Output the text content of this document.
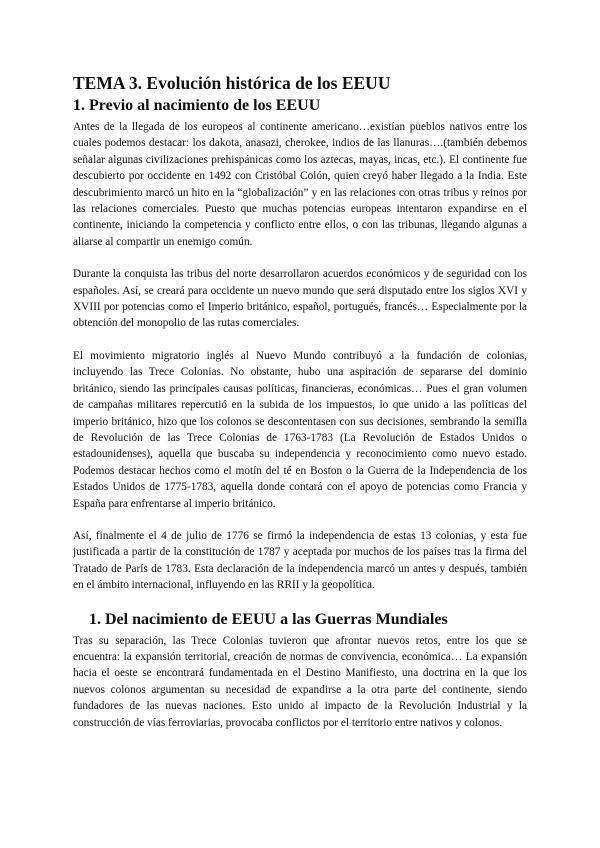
TEMA 3. Evolución histórica de los EEUU
1. Previo al nacimiento de los EEUU

Antes de la llegada de los europeos al continente americano…existían pueblos nativos entre los cuales podemos destacar: los dakota, anasazi, cherokee, indios de las llanuras….(también debemos señalar algunas civilizaciones prehispánicas como los aztecas, mayas, incas, etc.). El continente fue descubierto por occidente en 1492 con Cristóbal Colón, quien creyó haber llegado a la India. Este descubrimiento marcó un hito en la “globalización” y en las relaciones con otras tribus y reinos por las relaciones comerciales. Puesto que muchas potencias europeas intentaron expandirse en el continente, iniciando la competencia y conflicto entre ellos, o con las tribunas, llegando algunas a aliarse al compartir un enemigo común.

Durante la conquista las tribus del norte desarrollaron acuerdos económicos y de seguridad con los españoles. Así, se creará para occidente un nuevo mundo que será disputado entre los siglos XVI y XVIII por potencias como el Imperio británico, español, portugués, francés… Especialmente por la obtención del monopolio de las rutas comerciales.

El movimiento migratorio inglés al Nuevo Mundo contribuyó a la fundación de colonias, incluyendo las Trece Colonias. No obstante, hubo una aspiración de separarse del dominio británico, siendo las principales causas políticas, financieras, económicas… Pues el gran volumen de campañas militares repercutió en la subida de los impuestos, lo que unido a las políticas del imperio británico, hizo que los colonos se descontentasen con sus decisiones, sembrando la semilla de Revolución de las Trece Colonias de 1763-1783 (La Revolución de Estados Unidos o estadounidenses), aquella que buscaba su independencia y reconocimiento como nuevo estado. Podemos destacar hechos como el motín del té en Boston o la Guerra de la Independencia de los Estados Unidos de 1775-1783, aquella donde contará con el apoyo de potencias como Francia y España para enfrentarse al imperio británico.

Así, finalmente el 4 de julio de 1776 se firmó la independencia de estas 13 colonias, y esta fue justificada a partir de la constitución de 1787 y aceptada por muchos de los países tras la firma del Tratado de París de 1783. Esta declaración de la independencia marcó un antes y después, también en el ámbito internacional, influyendo en las RRII y la geopolítica.

1. Del nacimiento de EEUU a las Guerras Mundiales

Tras su separación, las Trece Colonias tuvieron que afrontar nuevos retos, entre los que se encuentra: la expansión territorial, creación de normas de convivencia, económica… La expansión hacia el oeste se encontrará fundamentada en el Destino Manifiesto, una doctrina en la que los nuevos colonos argumentan su necesidad de expandirse a la otra parte del continente, siendo fundadores de las nuevas naciones. Esto unido al impacto de la Revolución Industrial y la construcción de vías ferroviarias, provocaba conflictos por el territorio entre nativos y colonos.
